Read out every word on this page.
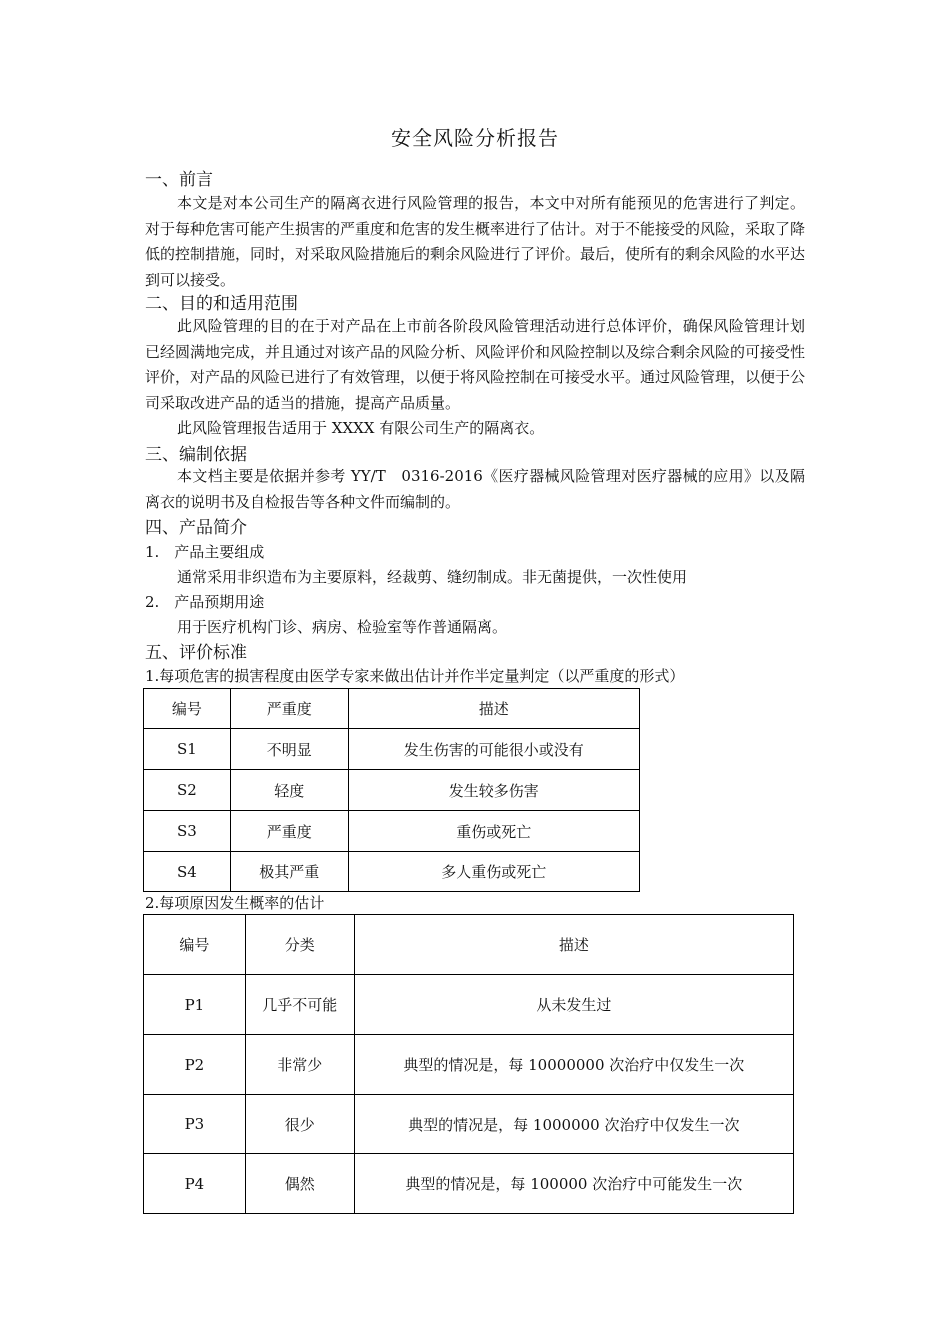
安全风险分析报告
一、前言
本文是对本公司生产的隔离衣进行风险管理的报告，本文中对所有能预见的危害进行了判定。对于每种危害可能产生损害的严重度和危害的发生概率进行了估计。对于不能接受的风险，采取了降低的控制措施，同时，对采取风险措施后的剩余风险进行了评价。最后，使所有的剩余风险的水平达到可以接受。
二、目的和适用范围
此风险管理的目的在于对产品在上市前各阶段风险管理活动进行总体评价，确保风险管理计划已经圆满地完成，并且通过对该产品的风险分析、风险评价和风险控制以及综合剩余风险的可接受性评价，对产品的风险已进行了有效管理，以便于将风险控制在可接受水平。通过风险管理，以便于公司采取改进产品的适当的措施，提高产品质量。
此风险管理报告适用于 XXXX 有限公司生产的隔离衣。
三、编制依据
本文档主要是依据并参考 YY/T　0316-2016《医疗器械风险管理对医疗器械的应用》以及隔离衣的说明书及自检报告等各种文件而编制的。
四、产品简介
1.　产品主要组成
通常采用非织造布为主要原料，经裁剪、缝纫制成。非无菌提供，一次性使用
2.　产品预期用途
用于医疗机构门诊、病房、检验室等作普通隔离。
五、评价标准
1.每项危害的损害程度由医学专家来做出估计并作半定量判定（以严重度的形式）
编号	严重度	描述
S1	不明显	发生伤害的可能很小或没有
S2	轻度	发生较多伤害
S3	严重度	重伤或死亡
S4	极其严重	多人重伤或死亡
2.每项原因发生概率的估计
编号	分类	描述
P1	几乎不可能	从未发生过
P2	非常少	典型的情况是，每 10000000 次治疗中仅发生一次
P3	很少	典型的情况是，每 1000000 次治疗中仅发生一次
P4	偶然	典型的情况是，每 100000 次治疗中可能发生一次
